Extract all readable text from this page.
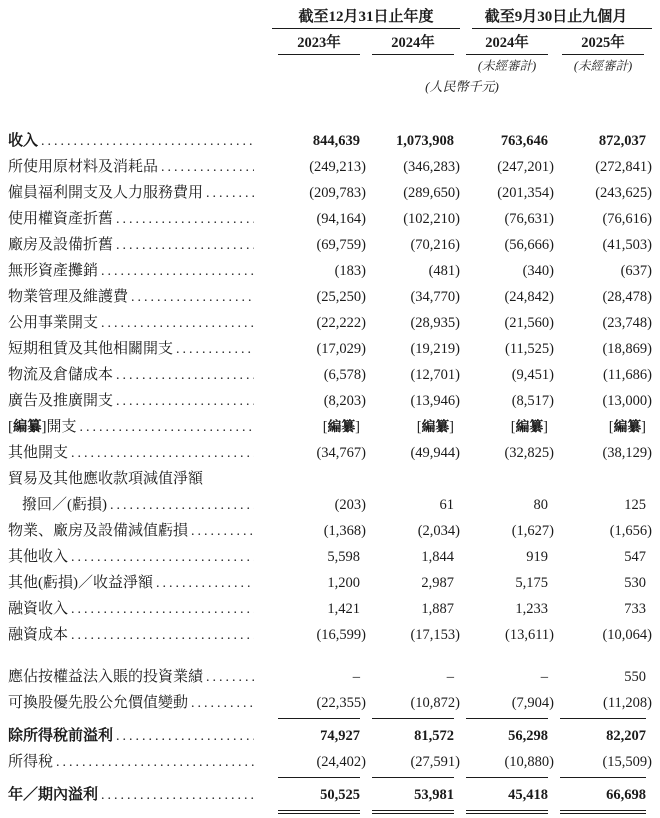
截至12月31日止年度	截至9月30日止九個月
2023年	2024年	2024年	2025年
(未經審計)	(未經審計)
(人民幣千元)
收入 .....	844,639	1,073,908	763,646	872,037
所使用原材料及消耗品 .....	(249,213)	(346,283)	(247,201)	(272,841)
僱員福利開支及人力服務費用 .....	(209,783)	(289,650)	(201,354)	(243,625)
使用權資產折舊 .....	(94,164)	(102,210)	(76,631)	(76,616)
廠房及設備折舊 .....	(69,759)	(70,216)	(56,666)	(41,503)
無形資產攤銷 .....	(183)	(481)	(340)	(637)
物業管理及維護費 .....	(25,250)	(34,770)	(24,842)	(28,478)
公用事業開支 .....	(22,222)	(28,935)	(21,560)	(23,748)
短期租賃及其他相關開支 .....	(17,029)	(19,219)	(11,525)	(18,869)
物流及倉儲成本 .....	(6,578)	(12,701)	(9,451)	(11,686)
廣告及推廣開支 .....	(8,203)	(13,946)	(8,517)	(13,000)
[編纂]開支 .....	[編纂]	[編纂]	[編纂]	[編纂]
其他開支 .....	(34,767)	(49,944)	(32,825)	(38,129)
貿易及其他應收款項減值淨額
撥回／(虧損) .....	(203)	61	80	125
物業、廠房及設備減值虧損 .....	(1,368)	(2,034)	(1,627)	(1,656)
其他收入 .....	5,598	1,844	919	547
其他(虧損)／收益淨額 .....	1,200	2,987	5,175	530
融資收入 .....	1,421	1,887	1,233	733
融資成本 .....	(16,599)	(17,153)	(13,611)	(10,064)
應佔按權益法入賬的投資業績 .....	–	–	–	550
可換股優先股公允價值變動 .....	(22,355)	(10,872)	(7,904)	(11,208)
除所得稅前溢利 .....	74,927	81,572	56,298	82,207
所得稅 .....	(24,402)	(27,591)	(10,880)	(15,509)
年／期內溢利 .....	50,525	53,981	45,418	66,698
